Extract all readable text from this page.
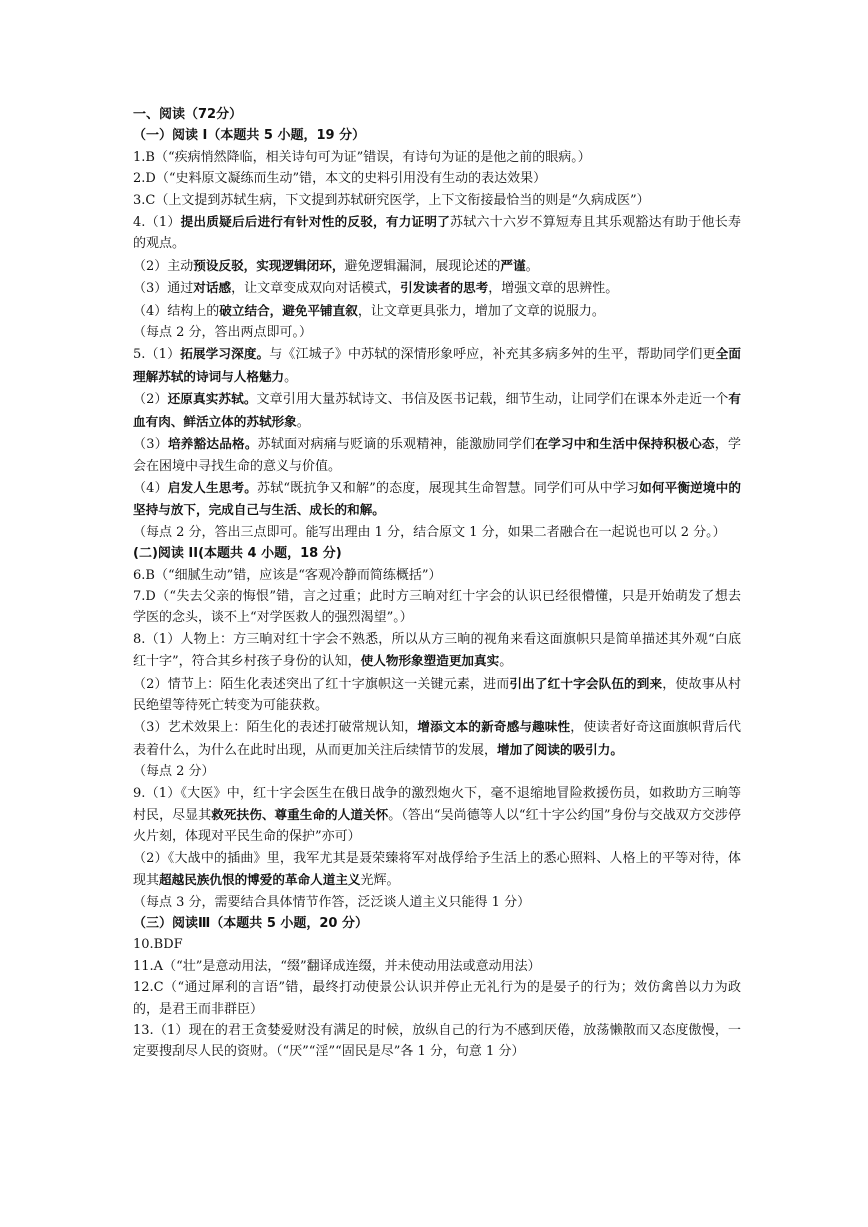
一、阅读（72分）
（一）阅读 I（本题共 5 小题，19 分）
1.B（“疾病悄然降临，相关诗句可为证”错误，有诗句为证的是他之前的眼病。）
2.D（“史料原文凝练而生动”错，本文的史料引用没有生动的表达效果）
3.C（上文提到苏轼生病，下文提到苏轼研究医学，上下文衔接最恰当的则是“久病成医”）
4.（1）提出质疑后后进行有针对性的反驳，有力证明了苏轼六十六岁不算短寿且其乐观豁达有助于他长寿的观点。
（2）主动预设反驳，实现逻辑闭环，避免逻辑漏洞，展现论述的严谨。
（3）通过对话感，让文章变成双向对话模式，引发读者的思考，增强文章的思辨性。
（4）结构上的破立结合，避免平铺直叙，让文章更具张力，增加了文章的说服力。
（每点 2 分，答出两点即可。）
5.（1）拓展学习深度。与《江城子》中苏轼的深情形象呼应，补充其多病多舛的生平，帮助同学们更全面理解苏轼的诗词与人格魅力。
（2）还原真实苏轼。文章引用大量苏轼诗文、书信及医书记载，细节生动，让同学们在课本外走近一个有血有肉、鲜活立体的苏轼形象。
（3）培养豁达品格。苏轼面对病痛与贬谪的乐观精神，能激励同学们在学习中和生活中保持积极心态，学会在困境中寻找生命的意义与价值。
（4）启发人生思考。苏轼“既抗争又和解”的态度，展现其生命智慧。同学们可从中学习如何平衡逆境中的坚持与放下，完成自己与生活、成长的和解。
（每点 2 分，答出三点即可。能写出理由 1 分，结合原文 1 分，如果二者融合在一起说也可以 2 分。）
(二)阅读 II(本题共 4 小题，18 分)
6.B（“细腻生动”错，应该是“客观冷静而简练概括”）
7.D（“失去父亲的悔恨”错，言之过重；此时方三晌对红十字会的认识已经很懵懂，只是开始萌发了想去学医的念头，谈不上“对学医救人的强烈渴望”。）
8.（1）人物上：方三晌对红十字会不熟悉，所以从方三晌的视角来看这面旗帜只是简单描述其外观“白底红十字”，符合其乡村孩子身份的认知，使人物形象塑造更加真实。
（2）情节上：陌生化表述突出了红十字旗帜这一关键元素，进而引出了红十字会队伍的到来，使故事从村民绝望等待死亡转变为可能获救。
（3）艺术效果上：陌生化的表述打破常规认知，增添文本的新奇感与趣味性，使读者好奇这面旗帜背后代表着什么，为什么在此时出现，从而更加关注后续情节的发展，增加了阅读的吸引力。
（每点 2 分）
9.（1）《大医》中，红十字会医生在俄日战争的激烈炮火下，毫不退缩地冒险救援伤员，如救助方三晌等村民，尽显其救死扶伤、尊重生命的人道关怀。（答出“吴尚德等人以“红十字公约国”身份与交战双方交涉停火片刻，体现对平民生命的保护”亦可）
（2）《大战中的插曲》里，我军尤其是聂荣臻将军对战俘给予生活上的悉心照料、人格上的平等对待，体现其超越民族仇恨的博爱的革命人道主义光辉。
（每点 3 分，需要结合具体情节作答，泛泛谈人道主义只能得 1 分）
（三）阅读Ⅲ（本题共 5 小题，20 分）
10.BDF
11.A（“壮”是意动用法，“缀”翻译成连缀，并未使动用法或意动用法）
12.C（“通过犀利的言语”错，最终打动使景公认识并停止无礼行为的是晏子的行为；效仿禽兽以力为政的，是君王而非群臣）
13.（1）现在的君王贪婪爱财没有满足的时候，放纵自己的行为不感到厌倦，放荡懒散而又态度傲慢，一定要搜刮尽人民的资财。（“厌”“淫”“固民是尽”各 1 分，句意 1 分）
